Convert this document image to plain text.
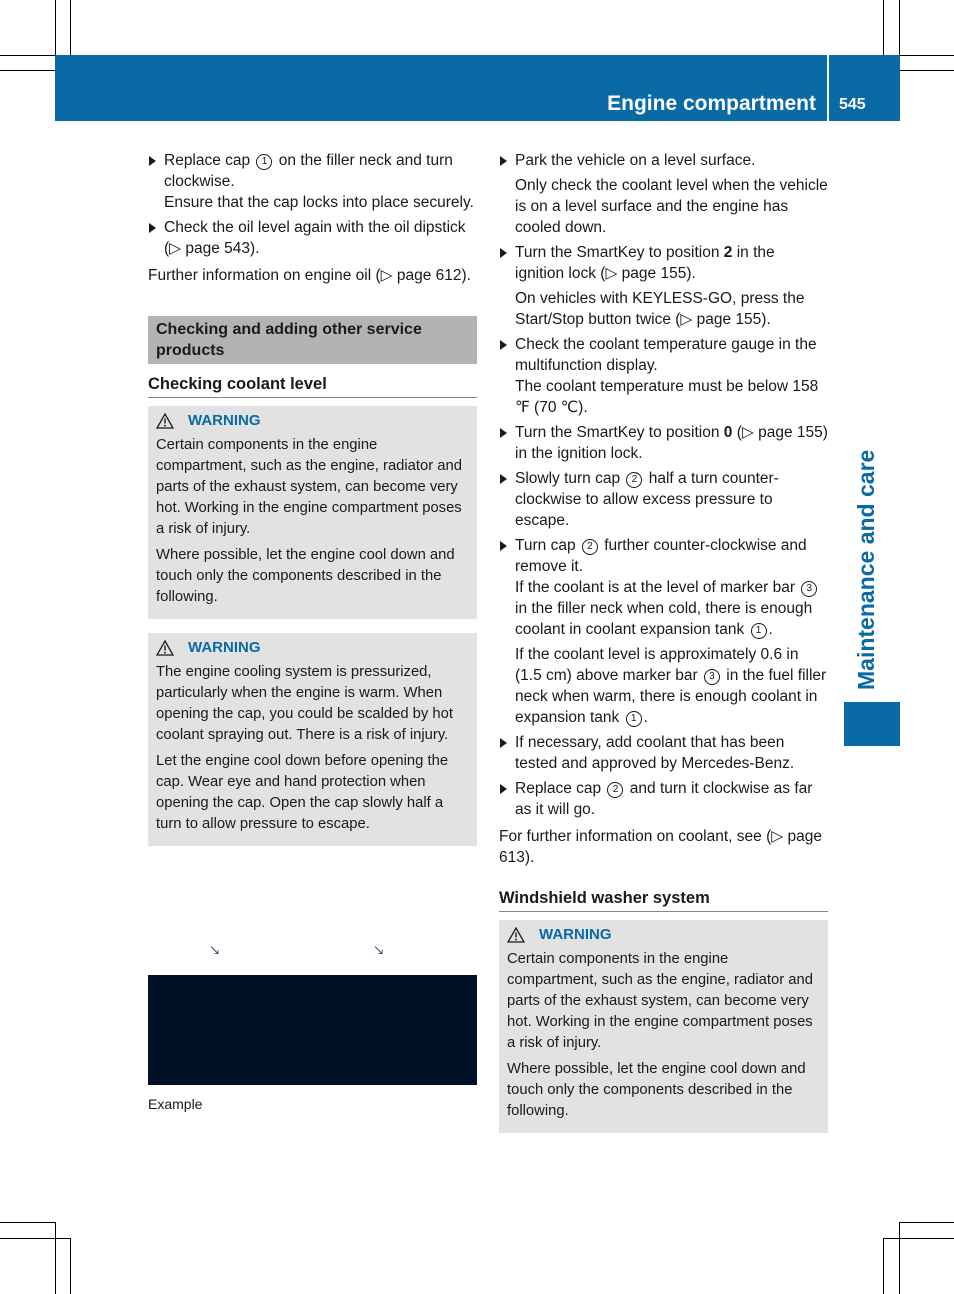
Engine compartment 545
Maintenance and care
Replace cap 1 on the filler neck and turn clockwise.
Ensure that the cap locks into place securely.
Check the oil level again with the oil dipstick (▷ page 543).
Further information on engine oil (▷ page 612).
Checking and adding other service products
Checking coolant level
WARNING

Certain components in the engine compartment, such as the engine, radiator and parts of the exhaust system, can become very hot. Working in the engine compartment poses a risk of injury.

Where possible, let the engine cool down and touch only the components described in the following.

WARNING

The engine cooling system is pressurized, particularly when the engine is warm. When opening the cap, you could be scalded by hot coolant spraying out. There is a risk of injury.

Let the engine cool down before opening the cap. Wear eye and hand protection when opening the cap. Open the cap slowly half a turn to allow pressure to escape.

🡖	🡖
Example
Park the vehicle on a level surface.
Only check the coolant level when the vehicle is on a level surface and the engine has cooled down.
Turn the SmartKey to position 2 in the ignition lock (▷ page 155).
On vehicles with KEYLESS-GO, press the Start/Stop button twice (▷ page 155).
Check the coolant temperature gauge in the multifunction display.
The coolant temperature must be below 158 ℉ (70 ℃).
Turn the SmartKey to position 0 (▷ page 155) in the ignition lock.
Slowly turn cap 2 half a turn counter-clockwise to allow excess pressure to escape.
Turn cap 2 further counter-clockwise and remove it.
If the coolant is at the level of marker bar 3 in the filler neck when cold, there is enough coolant in coolant expansion tank 1 .
If the coolant level is approximately 0.6 in (1.5 cm) above marker bar 3 in the fuel filler neck when warm, there is enough coolant in expansion tank 1 .
If necessary, add coolant that has been tested and approved by Mercedes-Benz.
Replace cap 2 and turn it clockwise as far as it will go.
For further information on coolant, see (▷ page 613).
Windshield washer system
WARNING

Certain components in the engine compartment, such as the engine, radiator and parts of the exhaust system, can become very hot. Working in the engine compartment poses a risk of injury.

Where possible, let the engine cool down and touch only the components described in the following.
